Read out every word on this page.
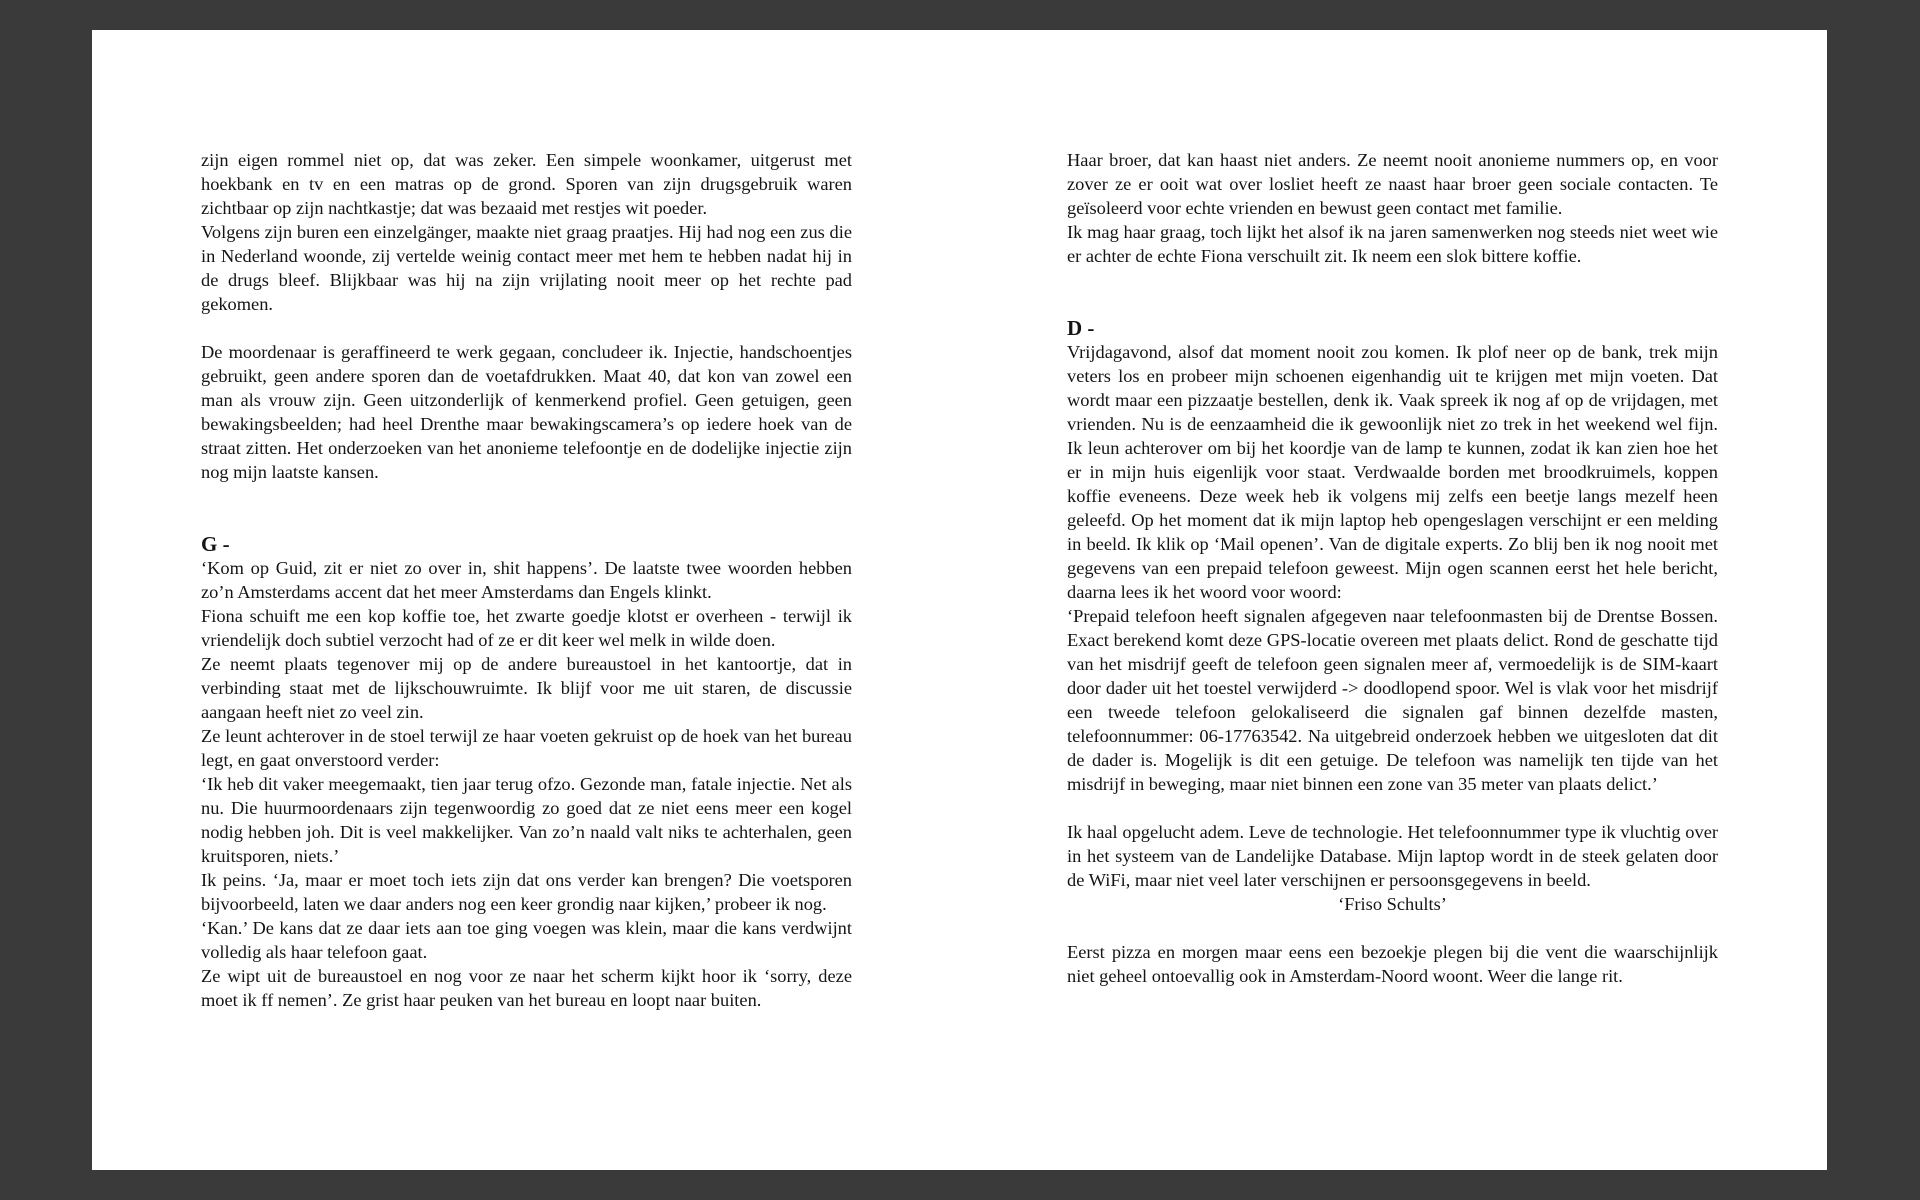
zijn eigen rommel niet op, dat was zeker. Een simpele woonkamer, uitgerust met hoekbank en tv en een matras op de grond. Sporen van zijn drugsgebruik waren zichtbaar op zijn nachtkastje; dat was bezaaid met restjes wit poeder.

Volgens zijn buren een einzelgänger, maakte niet graag praatjes. Hij had nog een zus die in Nederland woonde, zij vertelde weinig contact meer met hem te hebben nadat hij in de drugs bleef. Blijkbaar was hij na zijn vrijlating nooit meer op het rechte pad gekomen.

De moordenaar is geraffineerd te werk gegaan, concludeer ik. Injectie, handschoentjes gebruikt, geen andere sporen dan de voetafdrukken. Maat 40, dat kon van zowel een man als vrouw zijn. Geen uitzonderlijk of kenmerkend profiel. Geen getuigen, geen bewakingsbeelden; had heel Drenthe maar bewakingscamera’s op iedere hoek van de straat zitten. Het onderzoeken van het anonieme telefoontje en de dodelijke injectie zijn nog mijn laatste kansen.

G -

‘Kom op Guid, zit er niet zo over in, shit happens’. De laatste twee woorden hebben zo’n Amsterdams accent dat het meer Amsterdams dan Engels klinkt.

Fiona schuift me een kop koffie toe, het zwarte goedje klotst er overheen - terwijl ik vriendelijk doch subtiel verzocht had of ze er dit keer wel melk in wilde doen.

Ze neemt plaats tegenover mij op de andere bureaustoel in het kantoortje, dat in verbinding staat met de lijkschouwruimte. Ik blijf voor me uit staren, de discussie aangaan heeft niet zo veel zin.

Ze leunt achterover in de stoel terwijl ze haar voeten gekruist op de hoek van het bureau legt, en gaat onverstoord verder:

‘Ik heb dit vaker meegemaakt, tien jaar terug ofzo. Gezonde man, fatale injectie. Net als nu. Die huurmoordenaars zijn tegenwoordig zo goed dat ze niet eens meer een kogel nodig hebben joh. Dit is veel makkelijker. Van zo’n naald valt niks te achterhalen, geen kruitsporen, niets.’

Ik peins. ‘Ja, maar er moet toch iets zijn dat ons verder kan brengen? Die voetsporen bijvoorbeeld, laten we daar anders nog een keer grondig naar kijken,’ probeer ik nog.

‘Kan.’ De kans dat ze daar iets aan toe ging voegen was klein, maar die kans verdwijnt volledig als haar telefoon gaat.

Ze wipt uit de bureaustoel en nog voor ze naar het scherm kijkt hoor ik ‘sorry, deze moet ik ff nemen’. Ze grist haar peuken van het bureau en loopt naar buiten.

Haar broer, dat kan haast niet anders. Ze neemt nooit anonieme nummers op, en voor zover ze er ooit wat over losliet heeft ze naast haar broer geen sociale contacten. Te geïsoleerd voor echte vrienden en bewust geen contact met familie.

Ik mag haar graag, toch lijkt het alsof ik na jaren samenwerken nog steeds niet weet wie er achter de echte Fiona verschuilt zit. Ik neem een slok bittere koffie.

D -

Vrijdagavond, alsof dat moment nooit zou komen. Ik plof neer op de bank, trek mijn veters los en probeer mijn schoenen eigenhandig uit te krijgen met mijn voeten. Dat wordt maar een pizzaatje bestellen, denk ik. Vaak spreek ik nog af op de vrijdagen, met vrienden. Nu is de eenzaamheid die ik gewoonlijk niet zo trek in het weekend wel fijn. Ik leun achterover om bij het koordje van de lamp te kunnen, zodat ik kan zien hoe het er in mijn huis eigenlijk voor staat. Verdwaalde borden met broodkruimels, koppen koffie eveneens. Deze week heb ik volgens mij zelfs een beetje langs mezelf heen geleefd. Op het moment dat ik mijn laptop heb opengeslagen verschijnt er een melding in beeld. Ik klik op ‘Mail openen’. Van de digitale experts. Zo blij ben ik nog nooit met gegevens van een prepaid telefoon geweest. Mijn ogen scannen eerst het hele bericht, daarna lees ik het woord voor woord:

‘Prepaid telefoon heeft signalen afgegeven naar telefoonmasten bij de Drentse Bossen. Exact berekend komt deze GPS-locatie overeen met plaats delict. Rond de geschatte tijd van het misdrijf geeft de telefoon geen signalen meer af, vermoedelijk is de SIM-kaart door dader uit het toestel verwijderd -> doodlopend spoor. Wel is vlak voor het misdrijf een tweede telefoon gelokaliseerd die signalen gaf binnen dezelfde masten, telefoonnummer: 06-17763542. Na uitgebreid onderzoek hebben we uitgesloten dat dit de dader is. Mogelijk is dit een getuige. De telefoon was namelijk ten tijde van het misdrijf in beweging, maar niet binnen een zone van 35 meter van plaats delict.’

Ik haal opgelucht adem. Leve de technologie. Het telefoonnummer type ik vluchtig over in het systeem van de Landelijke Database. Mijn laptop wordt in de steek gelaten door de WiFi, maar niet veel later verschijnen er persoonsgegevens in beeld.

‘Friso Schults’

Eerst pizza en morgen maar eens een bezoekje plegen bij die vent die waarschijnlijk niet geheel ontoevallig ook in Amsterdam-Noord woont. Weer die lange rit.
